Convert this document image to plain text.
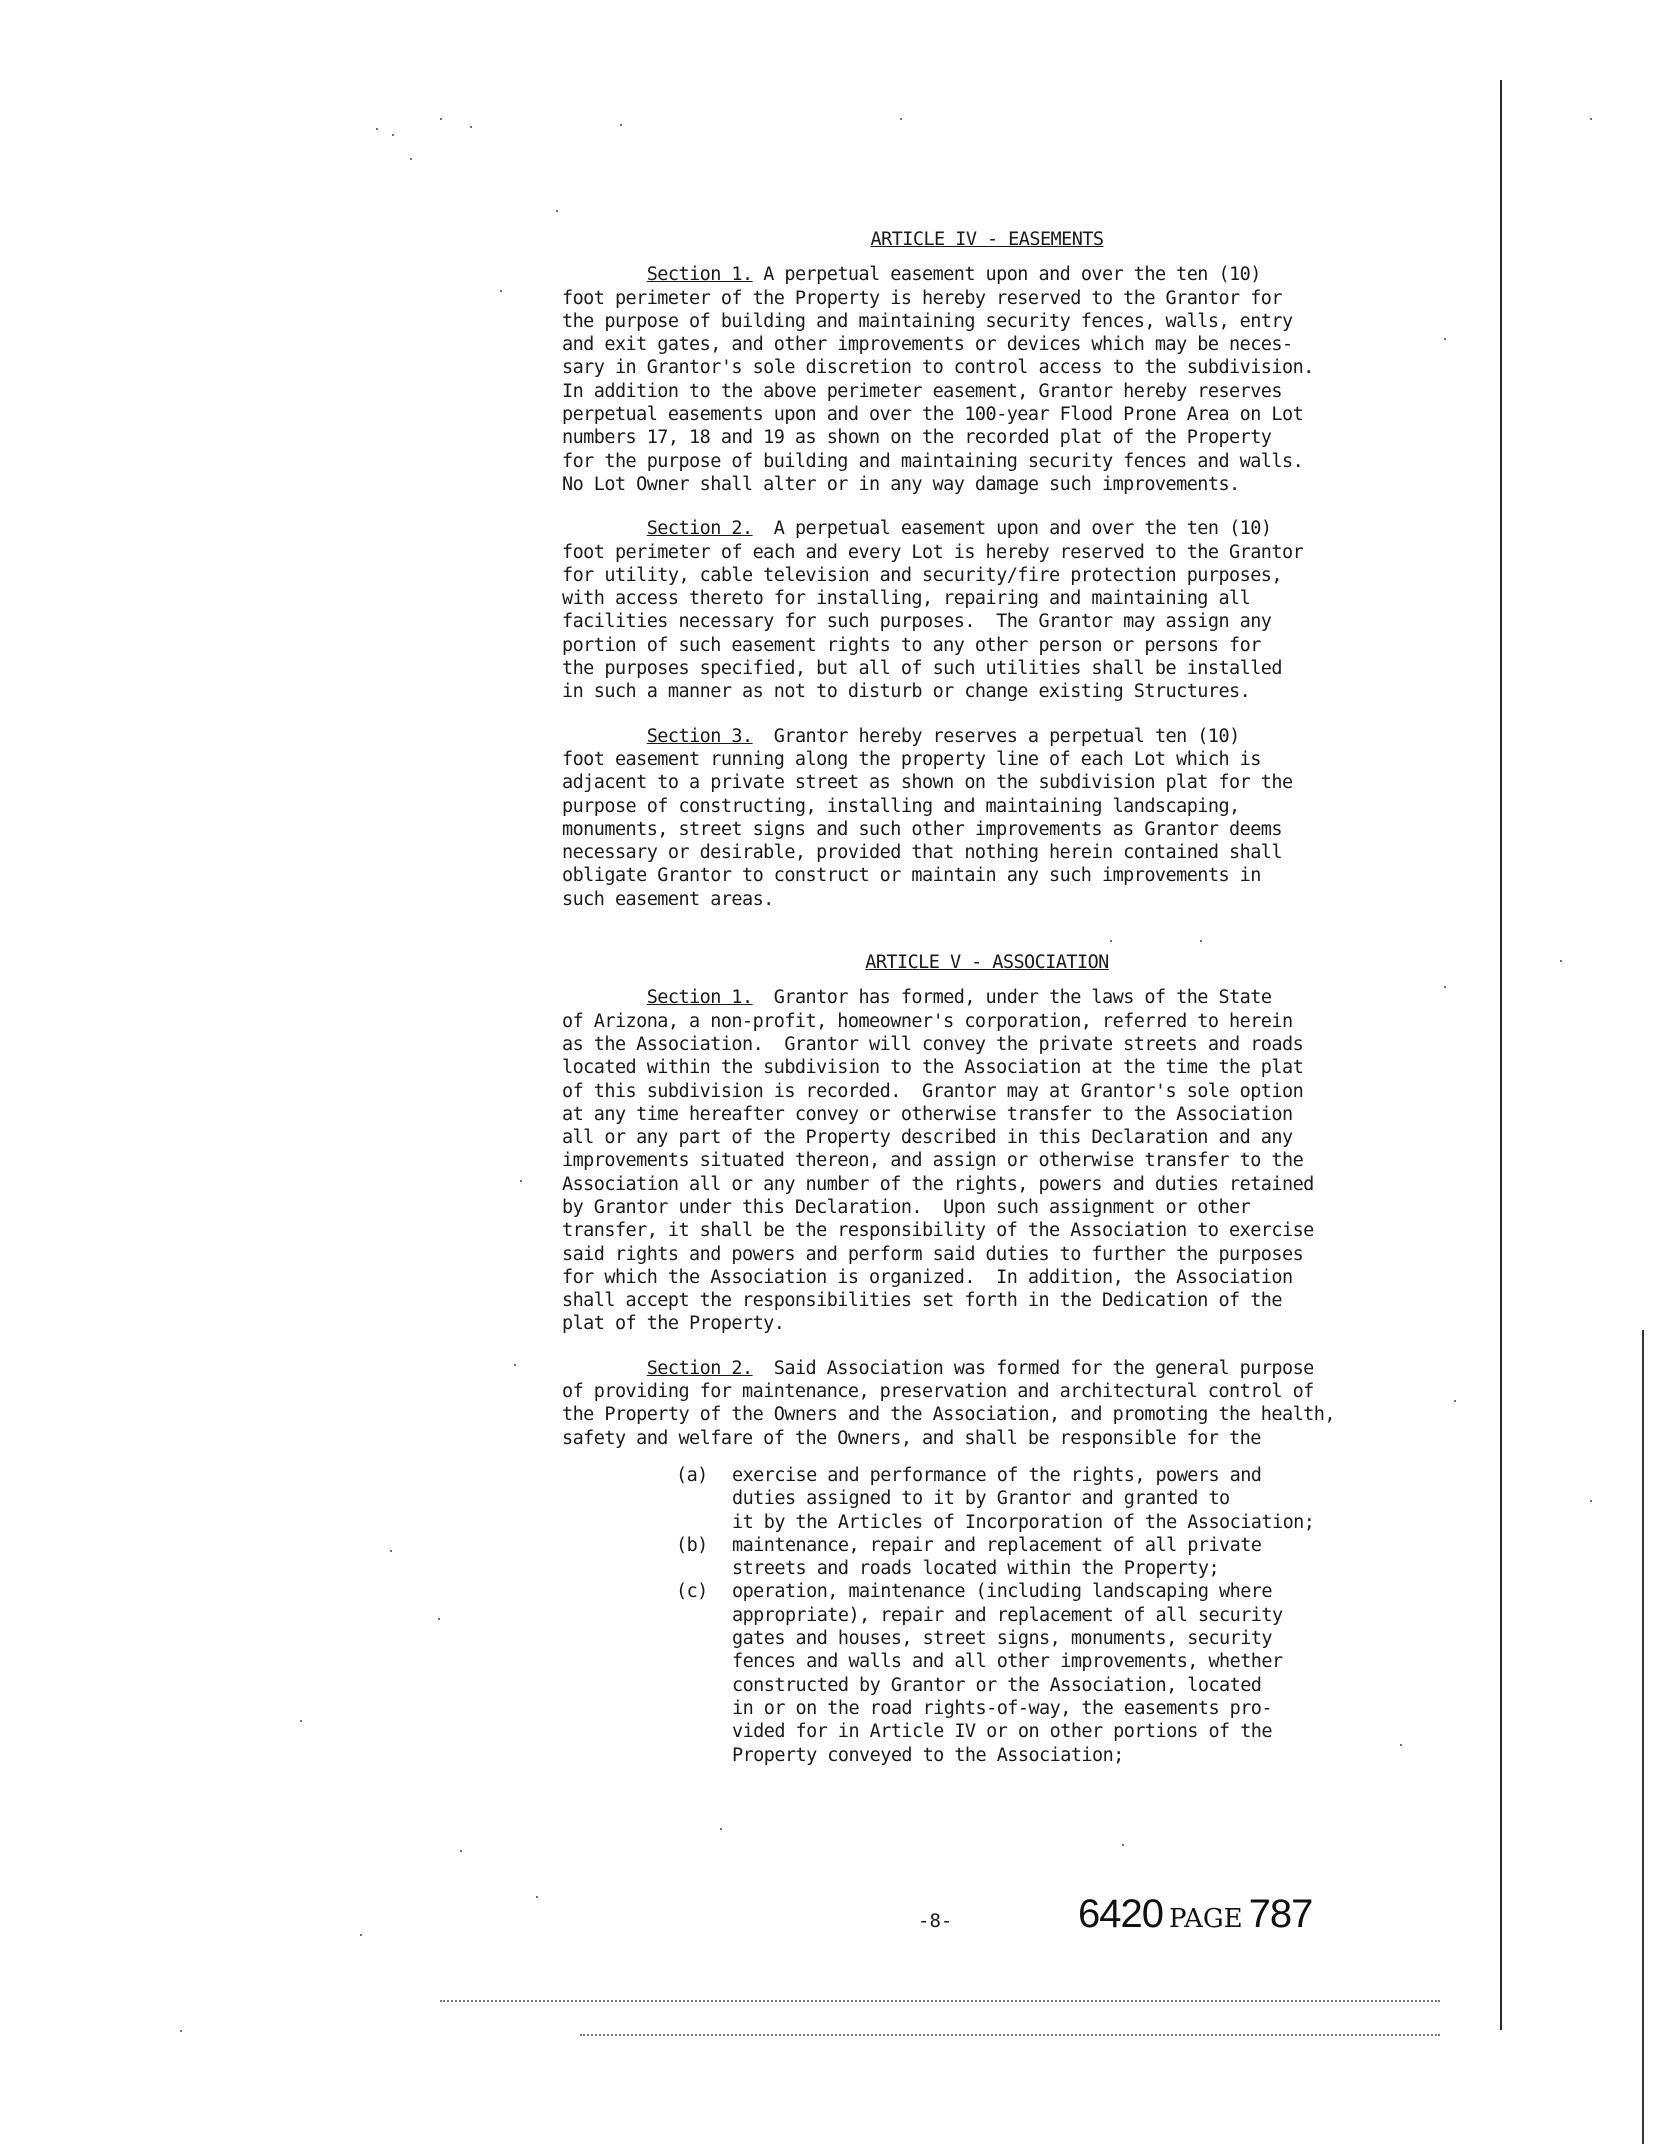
ARTICLE IV - EASEMENTS
Section 1. A perpetual easement upon and over the ten (10)
foot perimeter of the Property is hereby reserved to the Grantor for
the purpose of building and maintaining security fences, walls, entry
and exit gates, and other improvements or devices which may be neces-
sary in Grantor's sole discretion to control access to the subdivision.
In addition to the above perimeter easement, Grantor hereby reserves
perpetual easements upon and over the 100-year Flood Prone Area on Lot
numbers 17, 18 and 19 as shown on the recorded plat of the Property
for the purpose of building and maintaining security fences and walls.
No Lot Owner shall alter or in any way damage such improvements.
Section 2.  A perpetual easement upon and over the ten (10)
foot perimeter of each and every Lot is hereby reserved to the Grantor
for utility, cable television and security/fire protection purposes,
with access thereto for installing, repairing and maintaining all
facilities necessary for such purposes.  The Grantor may assign any
portion of such easement rights to any other person or persons for
the purposes specified, but all of such utilities shall be installed
in such a manner as not to disturb or change existing Structures.
Section 3.  Grantor hereby reserves a perpetual ten (10)
foot easement running along the property line of each Lot which is
adjacent to a private street as shown on the subdivision plat for the
purpose of constructing, installing and maintaining landscaping,
monuments, street signs and such other improvements as Grantor deems
necessary or desirable, provided that nothing herein contained shall
obligate Grantor to construct or maintain any such improvements in
such easement areas.
ARTICLE V - ASSOCIATION
Section 1.  Grantor has formed, under the laws of the State
of Arizona, a non-profit, homeowner's corporation, referred to herein
as the Association.  Grantor will convey the private streets and roads
located within the subdivision to the Association at the time the plat
of this subdivision is recorded.  Grantor may at Grantor's sole option
at any time hereafter convey or otherwise transfer to the Association
all or any part of the Property described in this Declaration and any
improvements situated thereon, and assign or otherwise transfer to the
Association all or any number of the rights, powers and duties retained
by Grantor under this Declaration.  Upon such assignment or other
transfer, it shall be the responsibility of the Association to exercise
said rights and powers and perform said duties to further the purposes
for which the Association is organized.  In addition, the Association
shall accept the responsibilities set forth in the Dedication of the
plat of the Property.
Section 2.  Said Association was formed for the general purpose
of providing for maintenance, preservation and architectural control of
the Property of the Owners and the Association, and promoting the health,
safety and welfare of the Owners, and shall be responsible for the
(a)	exercise and performance of the rights, powers and
duties assigned to it by Grantor and granted to
it by the Articles of Incorporation of the Association;
(b)	maintenance, repair and replacement of all private
streets and roads located within the Property;
(c)	operation, maintenance (including landscaping where
appropriate), repair and replacement of all security
gates and houses, street signs, monuments, security
fences and walls and all other improvements, whether
constructed by Grantor or the Association, located
in or on the road rights-of-way, the easements pro-
vided for in Article IV or on other portions of the
Property conveyed to the Association;
-8-	6420 PAGE 787
